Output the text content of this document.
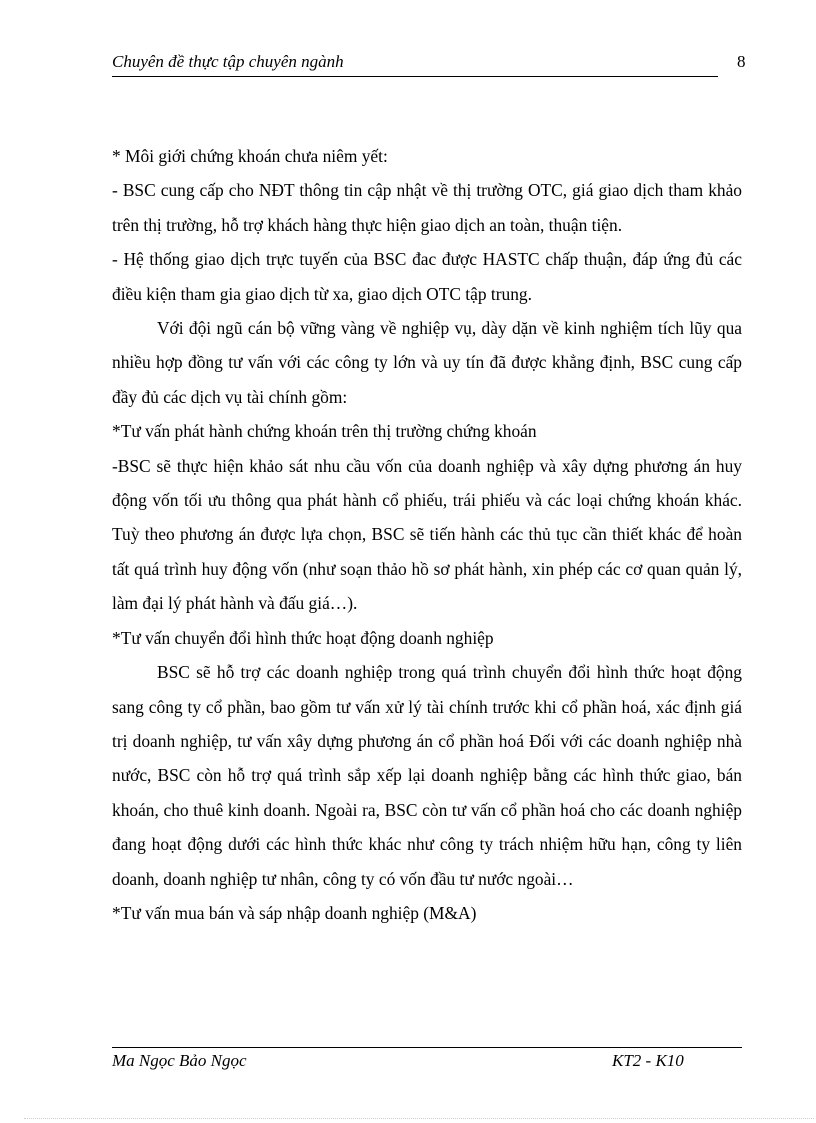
Chuyên đề thực tập chuyên ngành	8

* Môi giới chứng khoán chưa niêm yết:

- BSC cung cấp cho NĐT thông tin cập nhật về thị trường OTC, giá giao dịch tham khảo trên thị trường, hỗ trợ khách hàng thực hiện giao dịch an toàn, thuận tiện.

- Hệ thống giao dịch trực tuyến của BSC đac được HASTC chấp thuận, đáp ứng đủ các điều kiện tham gia giao dịch từ xa, giao dịch OTC tập trung.

Với đội ngũ cán bộ vững vàng về nghiệp vụ, dày dặn về kinh nghiệm tích lũy qua nhiều hợp đồng tư vấn với các công ty lớn và uy tín đã được khẳng định, BSC cung cấp đầy đủ các dịch vụ tài chính gồm:

*Tư vấn phát hành chứng khoán trên thị trường chứng khoán

-BSC sẽ thực hiện khảo sát nhu cầu vốn của doanh nghiệp và xây dựng phương án huy động vốn tối ưu thông qua phát hành cổ phiếu, trái phiếu và các loại chứng khoán khác. Tuỳ theo phương án được lựa chọn, BSC sẽ tiến hành các thủ tục cần thiết khác để hoàn tất quá trình huy động vốn (như soạn thảo hồ sơ phát hành, xin phép các cơ quan quản lý, làm đại lý phát hành và đấu giá…).

*Tư vấn chuyển đổi hình thức hoạt động doanh nghiệp

BSC sẽ hỗ trợ các doanh nghiệp trong quá trình chuyển đổi hình thức hoạt động sang công ty cổ phần, bao gồm tư vấn xử lý tài chính trước khi cổ phần hoá, xác định giá trị doanh nghiệp, tư vấn xây dựng phương án cổ phần hoá Đối với các doanh nghiệp nhà nước, BSC còn hỗ trợ quá trình sắp xếp lại doanh nghiệp bằng các hình thức giao, bán khoán, cho thuê kinh doanh. Ngoài ra, BSC còn tư vấn cổ phần hoá cho các doanh nghiệp đang hoạt động dưới các hình thức khác như công ty trách nhiệm hữu hạn, công ty liên doanh, doanh nghiệp tư nhân, công ty có vốn đầu tư nước ngoài…

*Tư vấn mua bán và sáp nhập doanh nghiệp (M&A)

Ma Ngọc Bảo Ngọc	KT2 - K10
